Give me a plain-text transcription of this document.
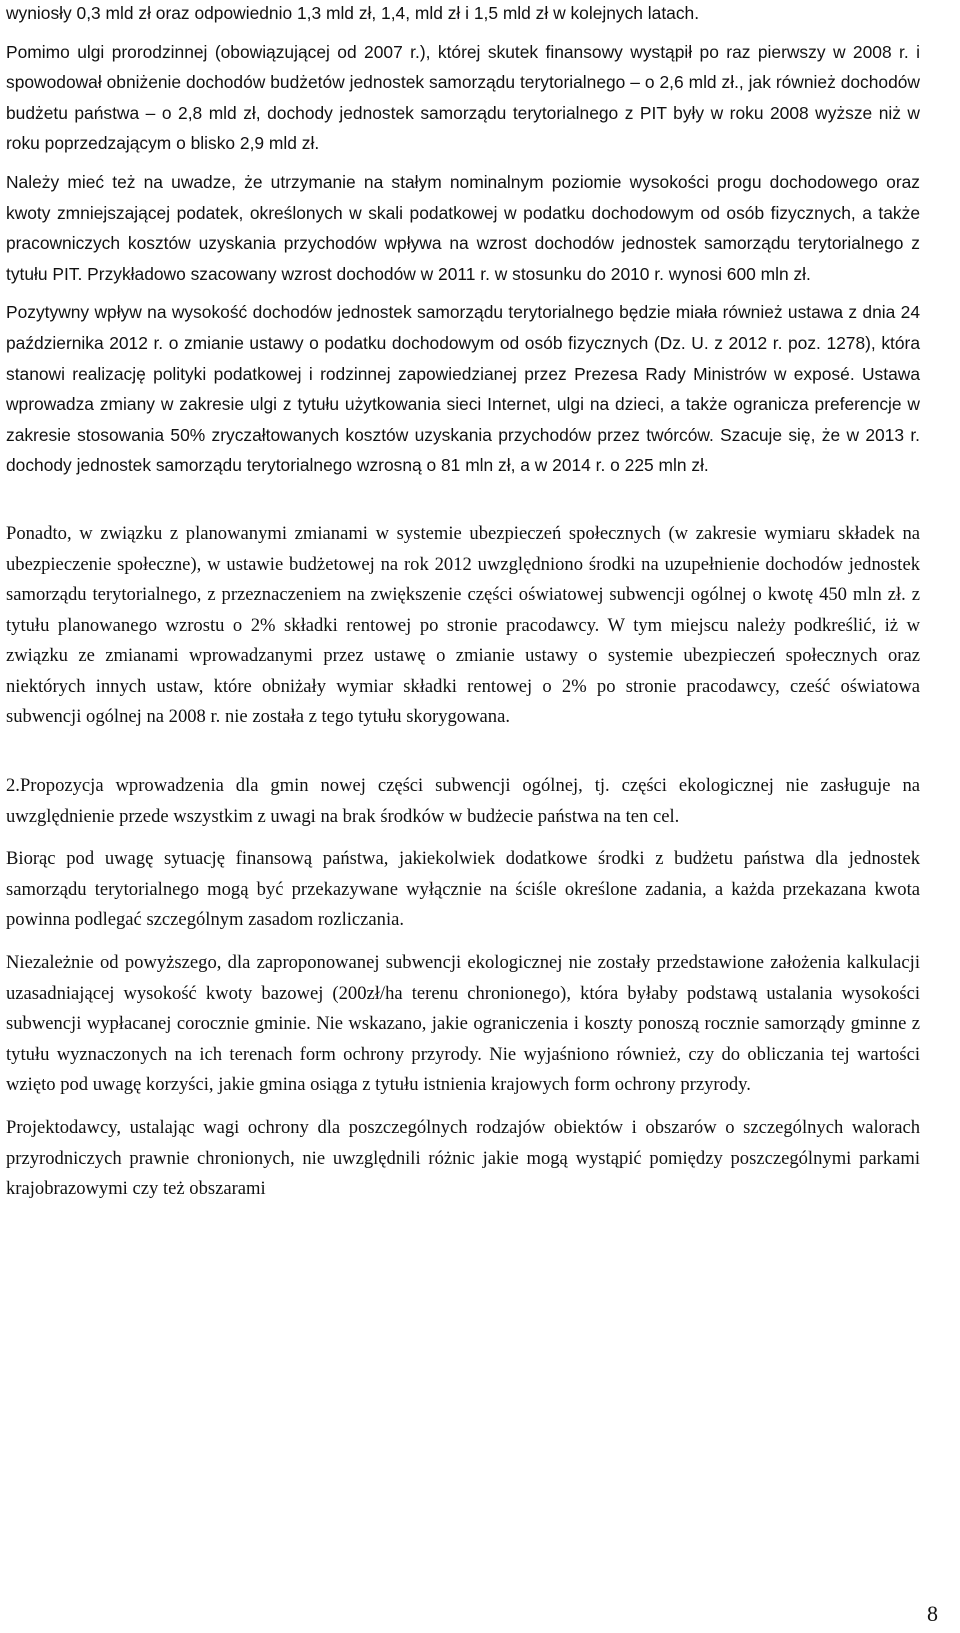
wyniosły 0,3 mld zł oraz odpowiednio 1,3 mld zł, 1,4, mld zł i 1,5 mld zł w kolejnych latach.

Pomimo ulgi prorodzinnej (obowiązującej od 2007 r.), której skutek finansowy wystąpił po raz pierwszy w 2008 r. i spowodował obniżenie dochodów budżetów jednostek samorządu terytorialnego – o 2,6 mld zł., jak również dochodów budżetu państwa – o 2,8 mld zł, dochody jednostek samorządu terytorialnego z PIT były w roku 2008 wyższe niż w roku poprzedzającym o blisko 2,9 mld zł.

Należy mieć też na uwadze, że utrzymanie na stałym nominalnym poziomie wysokości progu dochodowego oraz kwoty zmniejszającej podatek, określonych w skali podatkowej w podatku dochodowym od osób fizycznych, a także pracowniczych kosztów uzyskania przychodów wpływa na wzrost dochodów jednostek samorządu terytorialnego z tytułu PIT. Przykładowo szacowany wzrost dochodów w 2011 r. w stosunku do 2010 r. wynosi 600 mln zł.

Pozytywny wpływ na wysokość dochodów jednostek samorządu terytorialnego będzie miała również ustawa z dnia 24 października 2012 r. o zmianie ustawy o podatku dochodowym od osób fizycznych (Dz. U. z 2012 r. poz. 1278), która stanowi realizację polityki podatkowej i rodzinnej zapowiedzianej przez Prezesa Rady Ministrów w exposé. Ustawa wprowadza zmiany w zakresie ulgi z tytułu użytkowania sieci Internet, ulgi na dzieci, a także ogranicza preferencje w zakresie stosowania 50% zryczałtowanych kosztów uzyskania przychodów przez twórców. Szacuje się, że w 2013 r. dochody jednostek samorządu terytorialnego wzrosną o 81 mln zł, a w 2014 r. o 225 mln zł.

Ponadto, w związku z planowanymi zmianami w systemie ubezpieczeń społecznych (w zakresie wymiaru składek na ubezpieczenie społeczne), w ustawie budżetowej na rok 2012 uwzględniono środki na uzupełnienie dochodów jednostek samorządu terytorialnego, z przeznaczeniem na zwiększenie części oświatowej subwencji ogólnej o kwotę 450 mln zł. z tytułu planowanego wzrostu o 2% składki rentowej po stronie pracodawcy. W tym miejscu należy podkreślić, iż w związku ze zmianami wprowadzanymi przez ustawę o zmianie ustawy o systemie ubezpieczeń społecznych oraz niektórych innych ustaw, które obniżały wymiar składki rentowej o 2% po stronie pracodawcy, cześć oświatowa subwencji ogólnej na 2008 r. nie została z tego tytułu skorygowana.

2.Propozycja wprowadzenia dla gmin nowej części subwencji ogólnej, tj. części ekologicznej nie zasługuje na uwzględnienie przede wszystkim z uwagi na brak środków w budżecie państwa na ten cel.

Biorąc pod uwagę sytuację finansową państwa, jakiekolwiek dodatkowe środki z budżetu państwa dla jednostek samorządu terytorialnego mogą być przekazywane wyłącznie na ściśle określone zadania, a każda przekazana kwota powinna podlegać szczególnym zasadom rozliczania.

Niezależnie od powyższego, dla zaproponowanej subwencji ekologicznej nie zostały przedstawione założenia kalkulacji uzasadniającej wysokość kwoty bazowej (200zł/ha terenu chronionego), która byłaby podstawą ustalania wysokości subwencji wypłacanej corocznie gminie. Nie wskazano, jakie ograniczenia i koszty ponoszą rocznie samorządy gminne z tytułu wyznaczonych na ich terenach form ochrony przyrody. Nie wyjaśniono również, czy do obliczania tej wartości wzięto pod uwagę korzyści, jakie gmina osiąga z tytułu istnienia krajowych form ochrony przyrody.

Projektodawcy, ustalając wagi ochrony dla poszczególnych rodzajów obiektów i obszarów o szczególnych walorach przyrodniczych prawnie chronionych, nie uwzględnili różnic jakie mogą wystąpić pomiędzy poszczególnymi parkami krajobrazowymi czy też obszarami

8
